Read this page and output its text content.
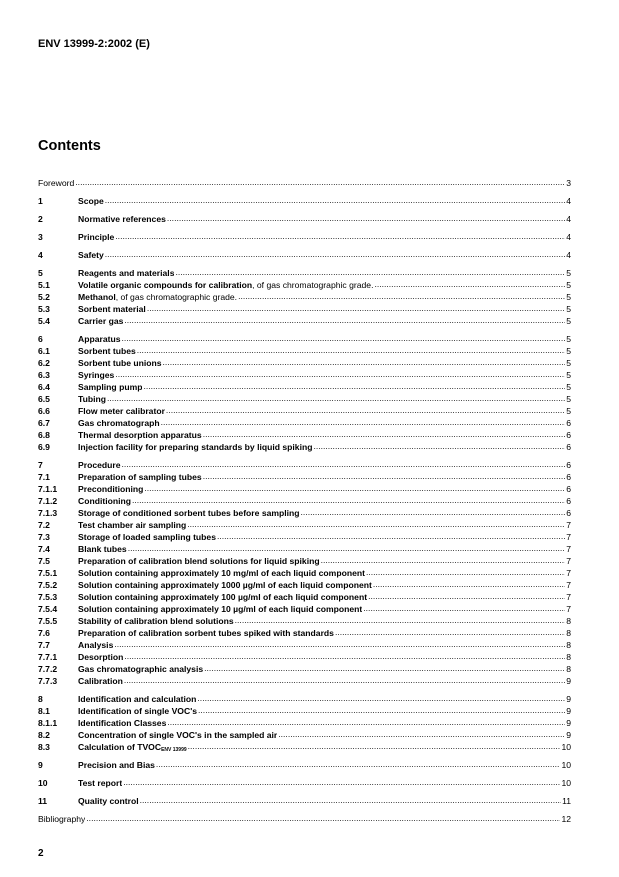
ENV 13999-2:2002 (E)
Contents
Foreword .....	3
1	Scope .....	4
2	Normative references .....	4
3	Principle .....	4
4	Safety .....	4
5	Reagents and materials .....	5
5.1	Volatile organic compounds for calibration, of gas chromatographic grade. .....	5
5.2	Methanol, of gas chromatographic grade. .....	5
5.3	Sorbent material .....	5
5.4	Carrier gas .....	5
6	Apparatus .....	5
6.1	Sorbent tubes .....	5
6.2	Sorbent tube unions .....	5
6.3	Syringes .....	5
6.4	Sampling pump .....	5
6.5	Tubing .....	5
6.6	Flow meter calibrator .....	5
6.7	Gas chromatograph .....	6
6.8	Thermal desorption apparatus .....	6
6.9	Injection facility for preparing standards by liquid spiking .....	6
7	Procedure .....	6
7.1	Preparation of sampling tubes .....	6
7.1.1	Preconditioning .....	6
7.1.2	Conditioning .....	6
7.1.3	Storage of conditioned sorbent tubes before sampling .....	6
7.2	Test chamber air sampling .....	7
7.3	Storage of loaded sampling tubes .....	7
7.4	Blank tubes .....	7
7.5	Preparation of calibration blend solutions for liquid spiking .....	7
7.5.1	Solution containing approximately 10 mg/ml of each liquid component .....	7
7.5.2	Solution containing approximately 1000 µg/ml of each liquid component .....	7
7.5.3	Solution containing approximately 100 µg/ml of each liquid component .....	7
7.5.4	Solution containing approximately 10 µg/ml of each liquid component .....	7
7.5.5	Stability of calibration blend solutions .....	8
7.6	Preparation of calibration sorbent tubes spiked with standards .....	8
7.7	Analysis .....	8
7.7.1	Desorption .....	8
7.7.2	Gas chromatographic analysis .....	8
7.7.3	Calibration .....	9
8	Identification and calculation .....	9
8.1	Identification of single VOC's .....	9
8.1.1	Identification Classes .....	9
8.2	Concentration of single VOC's in the sampled air .....	9
8.3	Calculation of $TVOC_{ENV 13999}$ .....	10
9	Precision and Bias .....	10
10	Test report .....	10
11	Quality control .....	11
Bibliography .....	12
2
